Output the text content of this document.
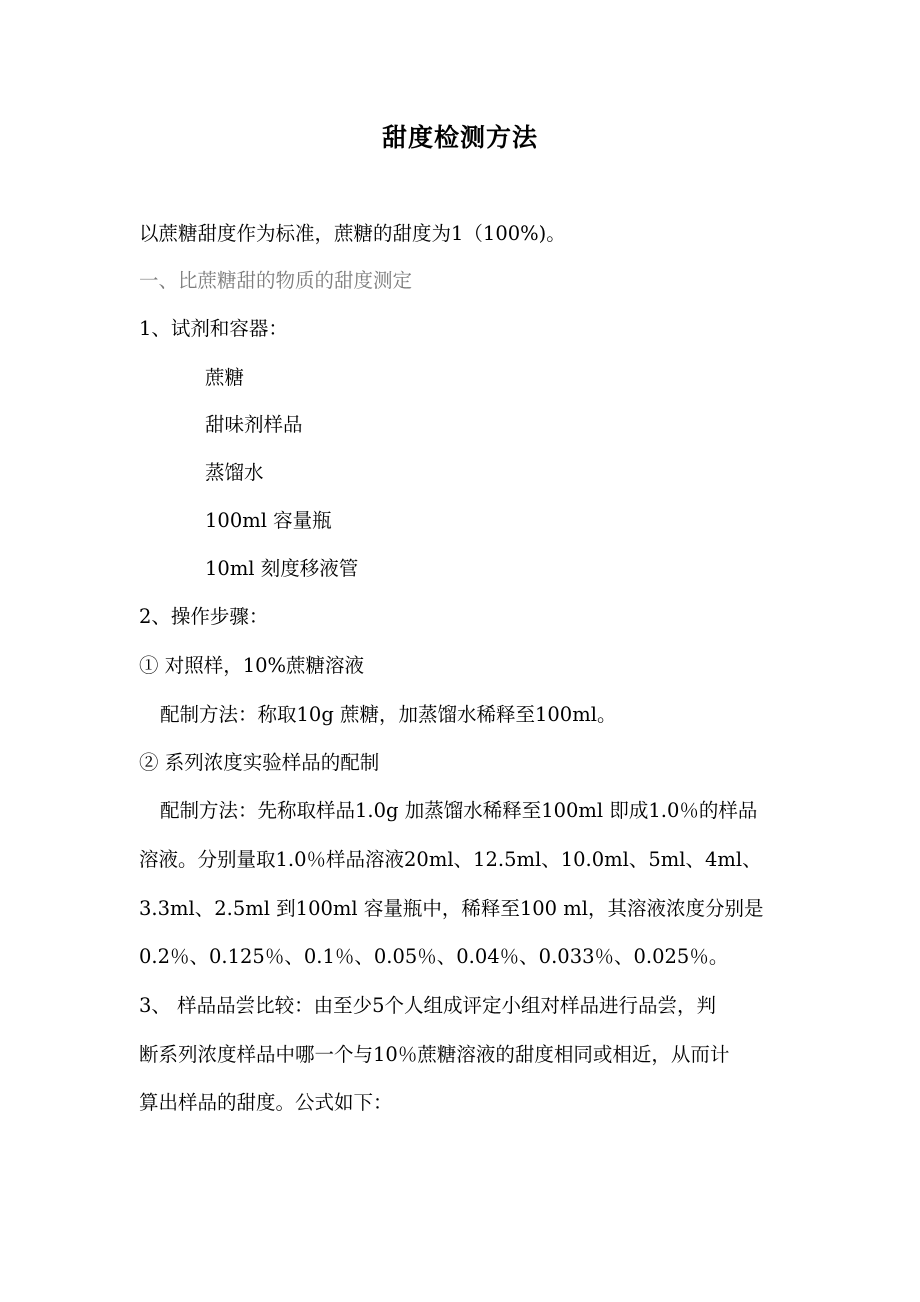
甜度检测方法
以蔗糖甜度作为标准，蔗糖的甜度为1（100%)。
一、比蔗糖甜的物质的甜度测定
1、试剂和容器：
蔗糖
甜味剂样品
蒸馏水
100ml 容量瓶
10ml 刻度移液管
2、操作步骤：
① 对照样，10%蔗糖溶液
配制方法：称取10g 蔗糖，加蒸馏水稀释至100ml。
② 系列浓度实验样品的配制
配制方法：先称取样品1.0g 加蒸馏水稀释至100ml 即成1.0％的样品
溶液。分别量取1.0％样品溶液20ml、12.5ml、10.0ml、5ml、4ml、
3.3ml、2.5ml 到100ml 容量瓶中，稀释至100 ml，其溶液浓度分别是
0.2％、0.125％、0.1％、0.05％、0.04％、0.033％、0.025％。
3、 样品品尝比较：由至少5个人组成评定小组对样品进行品尝，判
断系列浓度样品中哪一个与10％蔗糖溶液的甜度相同或相近，从而计
算出样品的甜度。公式如下：
